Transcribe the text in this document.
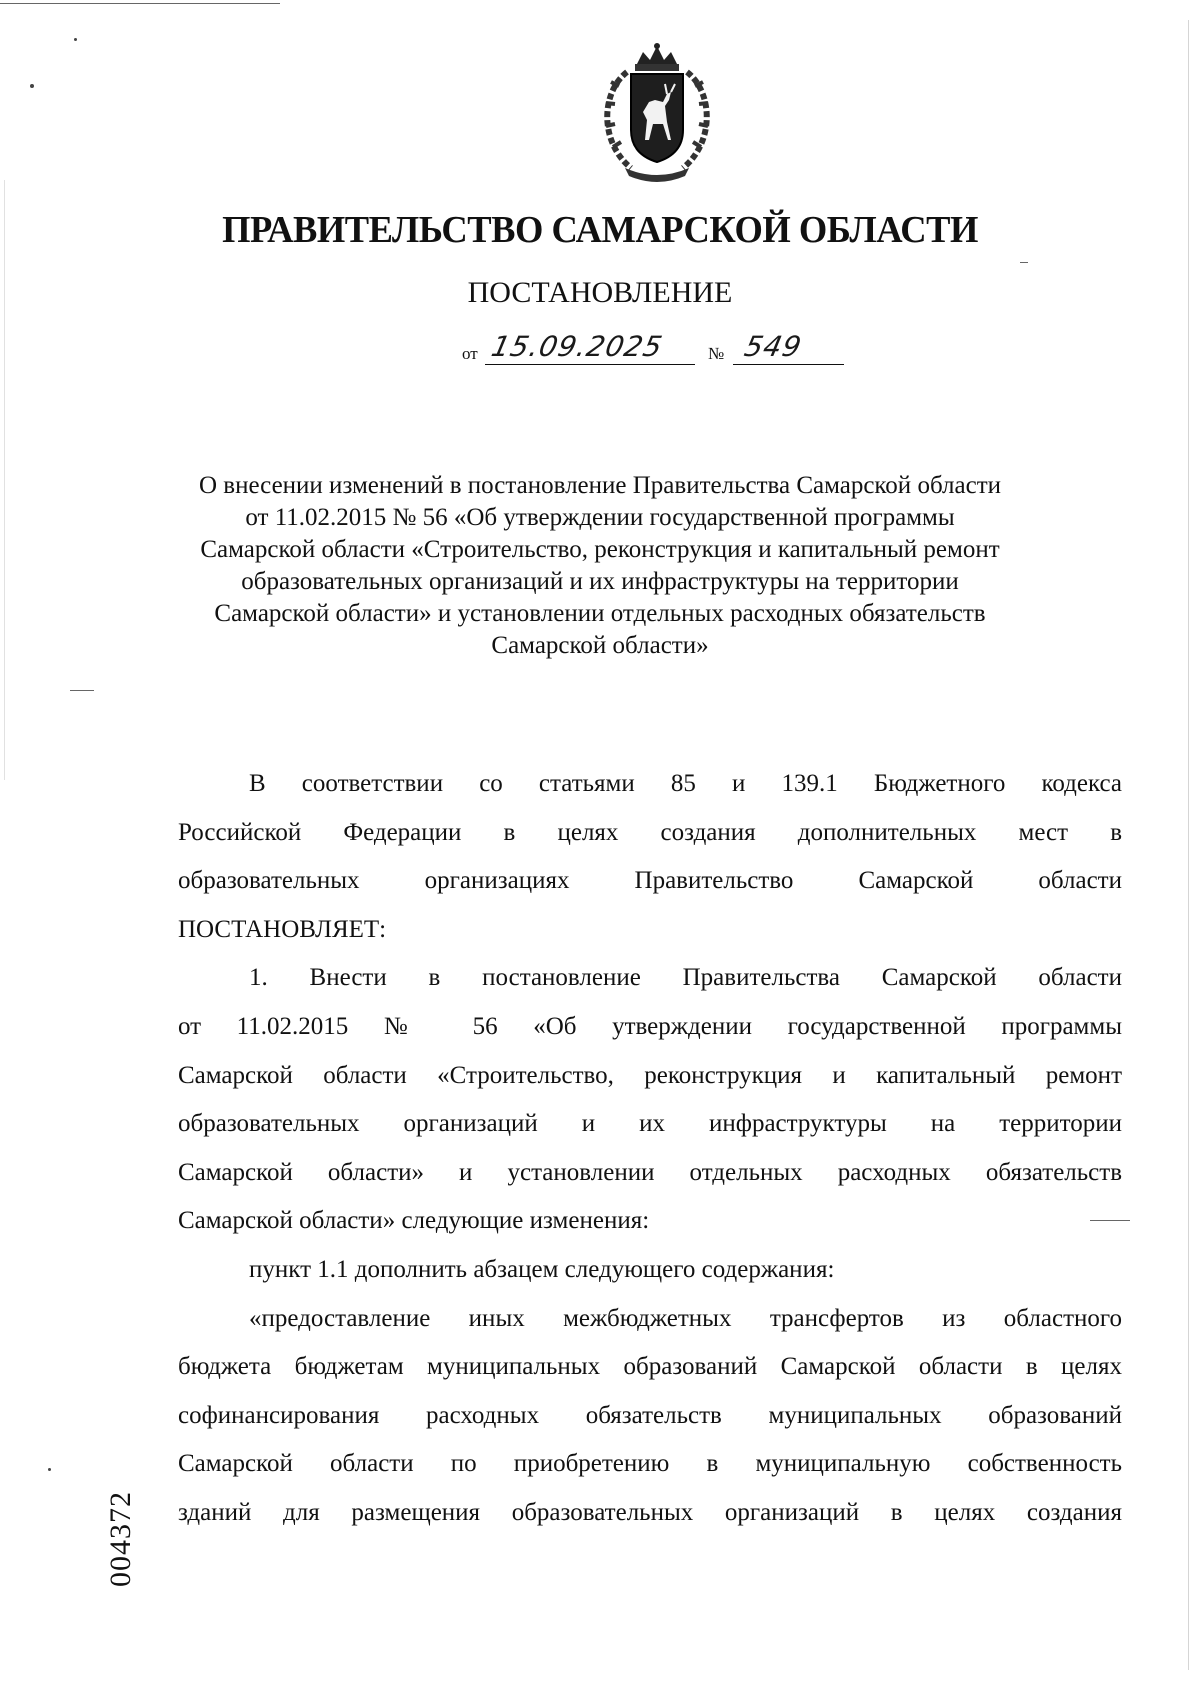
ПРАВИТЕЛЬСТВО САМАРСКОЙ ОБЛАСТИ
ПОСТАНОВЛЕНИЕ
от 15.09.2025 № 549
О внесении изменений в постановление Правительства Самарской области
от 11.02.2015 № 56 «Об утверждении государственной программы
Самарской области «Строительство, реконструкция и капитальный ремонт
образовательных организаций и их инфраструктуры на территории
Самарской области» и установлении отдельных расходных обязательств
Самарской области»
В соответствии со статьями 85 и 139.1 Бюджетного кодекса
Российской Федерации в целях создания дополнительных мест в
образовательных организациях Правительство Самарской области
ПОСТАНОВЛЯЕТ:
1. Внести в постановление Правительства Самарской области
от 11.02.2015 № 56 «Об утверждении государственной программы
Самарской области «Строительство, реконструкция и капитальный ремонт
образовательных организаций и их инфраструктуры на территории
Самарской области» и установлении отдельных расходных обязательств
Самарской области» следующие изменения:
пункт 1.1 дополнить абзацем следующего содержания:
«предоставление иных межбюджетных трансфертов из областного
бюджета бюджетам муниципальных образований Самарской области в целях
софинансирования расходных обязательств муниципальных образований
Самарской области по приобретению в муниципальную собственность
зданий для размещения образовательных организаций в целях создания
004372
